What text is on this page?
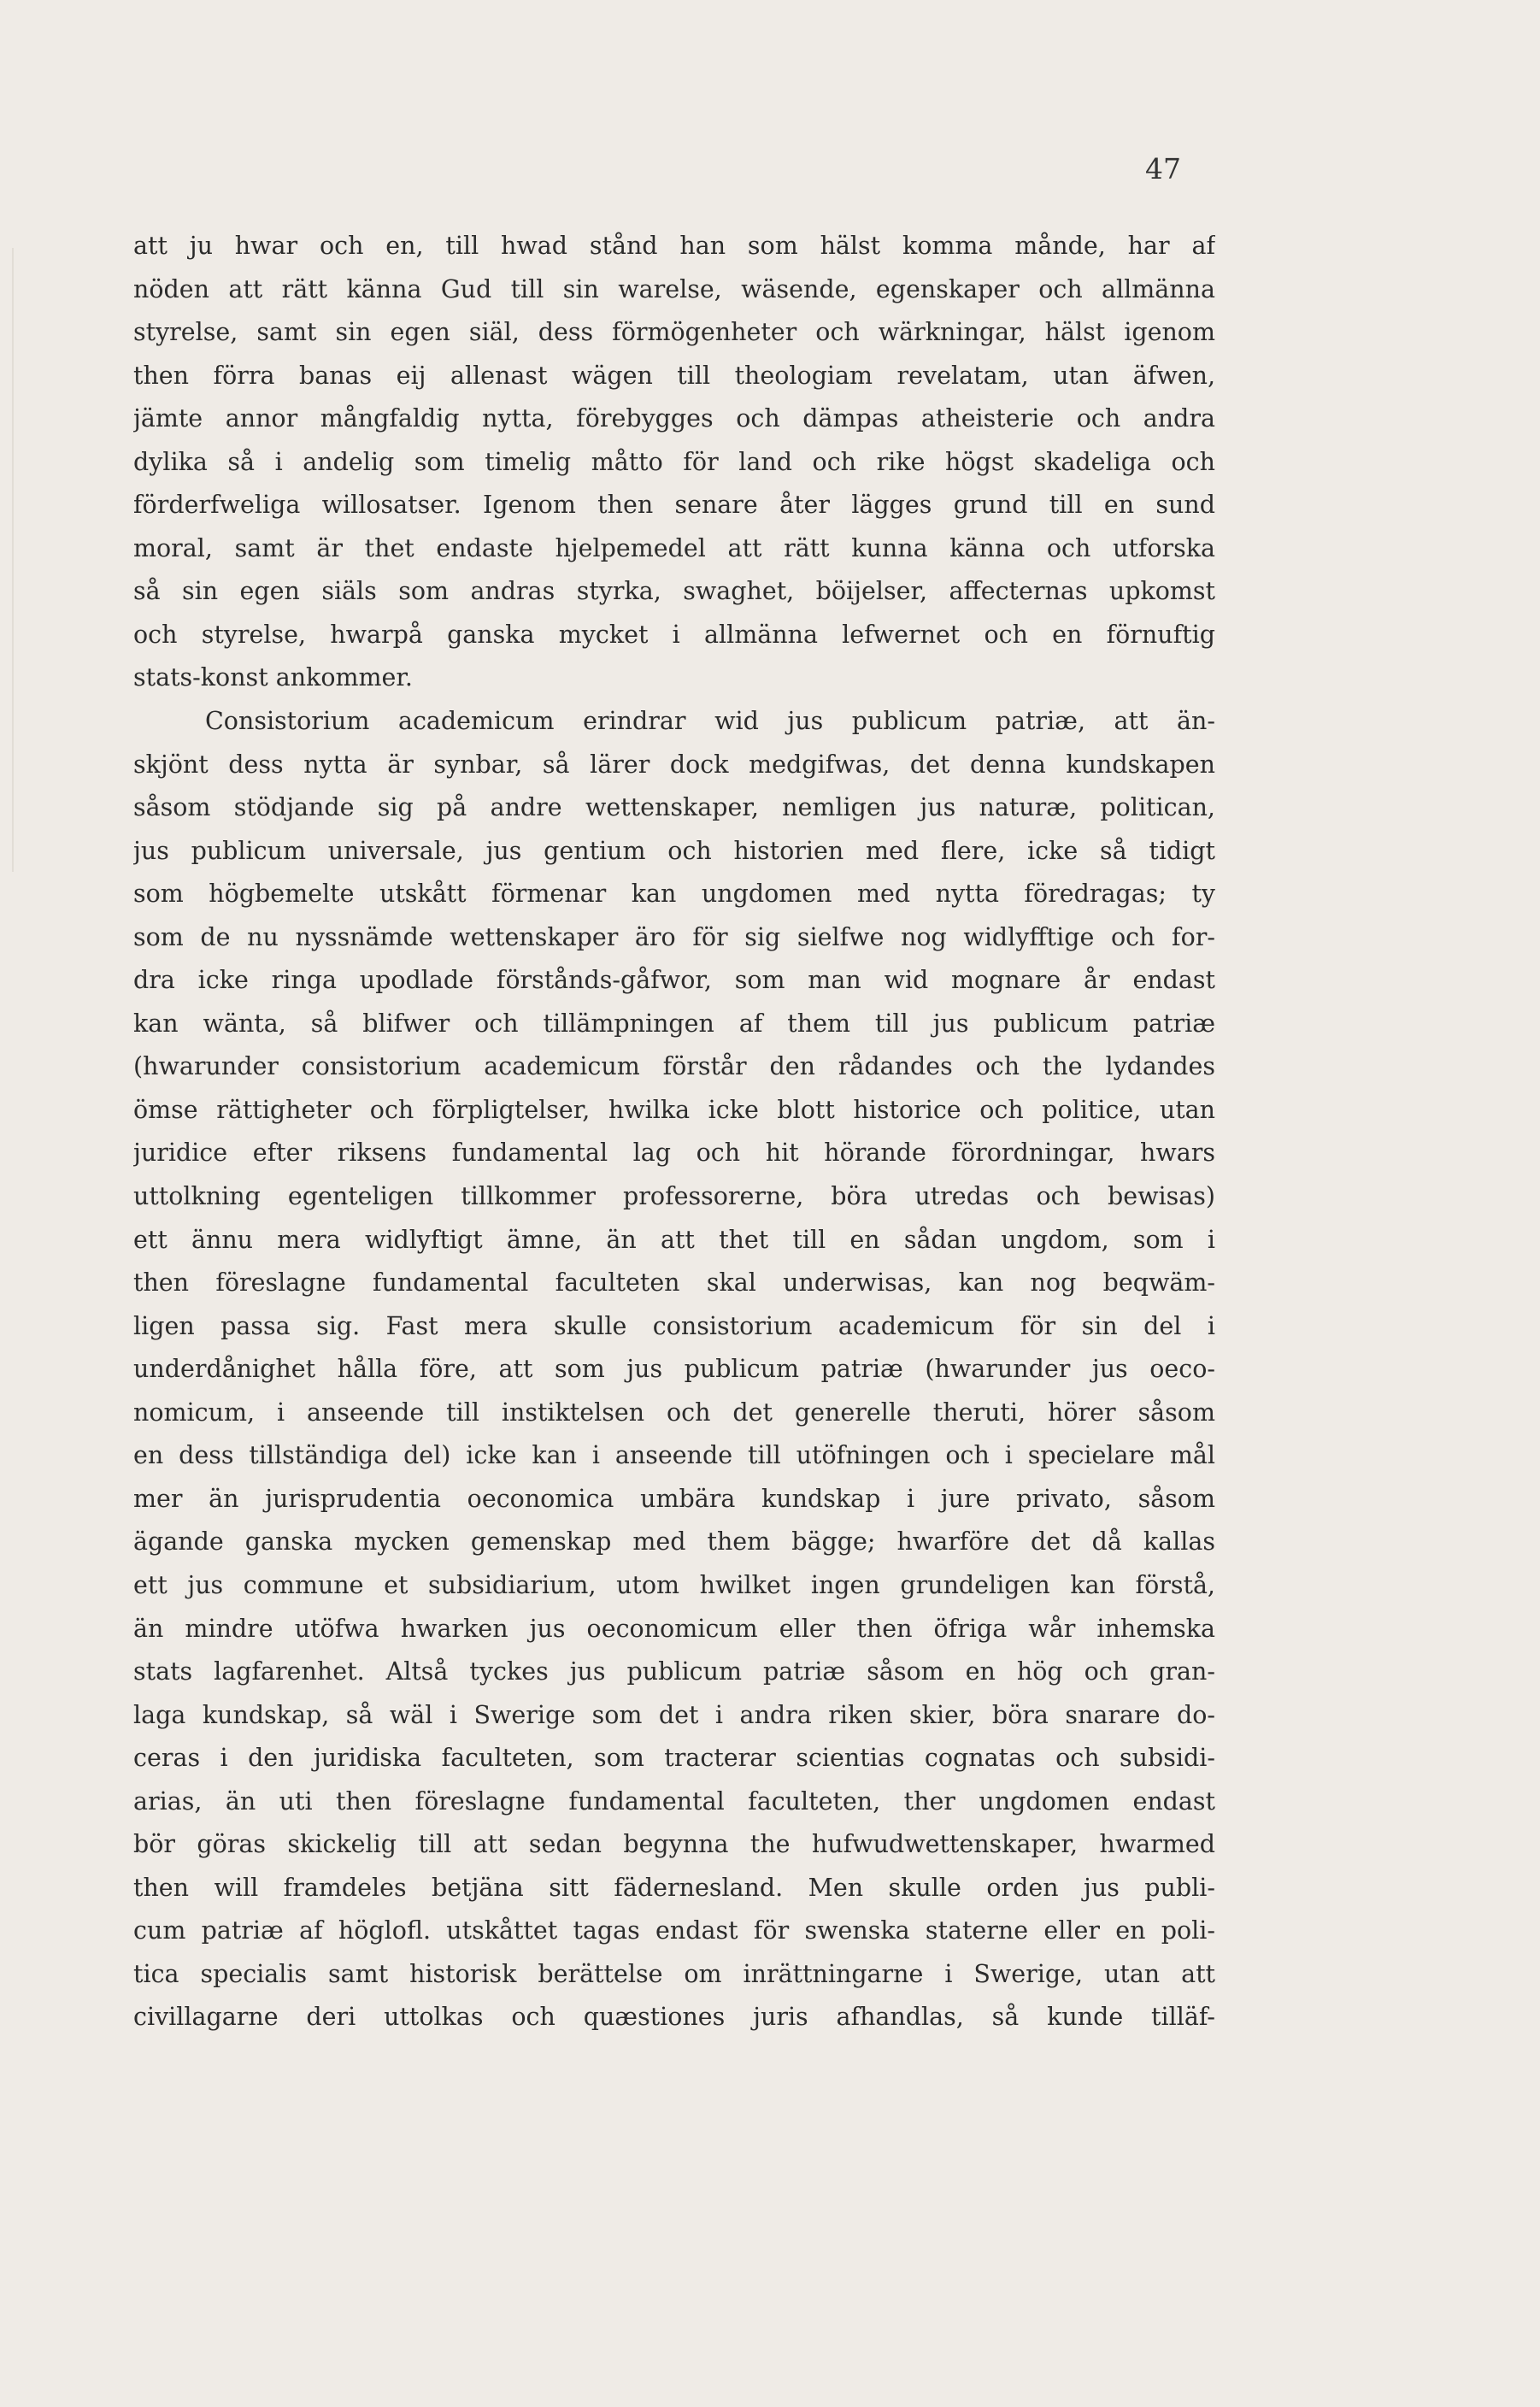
47
att ju hwar och en, till hwad stånd han som hälst komma månde, har af
nöden att rätt känna Gud till sin warelse, wäsende, egenskaper och allmänna
styrelse, samt sin egen siäl, dess förmögenheter och wärkningar, hälst igenom
then förra banas eij allenast wägen till theologiam revelatam, utan äfwen,
jämte annor mångfaldig nytta, förebygges och dämpas atheisterie och andra
dylika så i andelig som timelig måtto för land och rike högst skadeliga och
förderfweliga willosatser. Igenom then senare åter lägges grund till en sund
moral, samt är thet endaste hjelpemedel att rätt kunna känna och utforska
så sin egen siäls som andras styrka, swaghet, böijelser, affecternas upkomst
och styrelse, hwarpå ganska mycket i allmänna lefwernet och en förnuftig
stats-konst ankommer.
Consistorium academicum erindrar wid jus publicum patriæ, att än-
skjönt dess nytta är synbar, så lärer dock medgifwas, det denna kundskapen
såsom stödjande sig på andre wettenskaper, nemligen jus naturæ, politican,
jus publicum universale, jus gentium och historien med flere, icke så tidigt
som högbemelte utskått förmenar kan ungdomen med nytta föredragas; ty
som de nu nyssnämde wettenskaper äro för sig sielfwe nog widlyfftige och for-
dra icke ringa upodlade förstånds-gåfwor, som man wid mognare år endast
kan wänta, så blifwer och tillämpningen af them till jus publicum patriæ
(hwarunder consistorium academicum förstår den rådandes och the lydandes
ömse rättigheter och förpligtelser, hwilka icke blott historice och politice, utan
juridice efter riksens fundamental lag och hit hörande förordningar, hwars
uttolkning egenteligen tillkommer professorerne, böra utredas och bewisas)
ett ännu mera widlyftigt ämne, än att thet till en sådan ungdom, som i
then föreslagne fundamental faculteten skal underwisas, kan nog beqwäm-
ligen passa sig. Fast mera skulle consistorium academicum för sin del i
underdånighet hålla före, att som jus publicum patriæ (hwarunder jus oeco-
nomicum, i anseende till instiktelsen och det generelle theruti, hörer såsom
en dess tillständiga del) icke kan i anseende till utöfningen och i specielare mål
mer än jurisprudentia oeconomica umbära kundskap i jure privato, såsom
ägande ganska mycken gemenskap med them bägge; hwarföre det då kallas
ett jus commune et subsidiarium, utom hwilket ingen grundeligen kan förstå,
än mindre utöfwa hwarken jus oeconomicum eller then öfriga wår inhemska
stats lagfarenhet. Altså tyckes jus publicum patriæ såsom en hög och gran-
laga kundskap, så wäl i Swerige som det i andra riken skier, böra snarare do-
ceras i den juridiska faculteten, som tracterar scientias cognatas och subsidi-
arias, än uti then föreslagne fundamental faculteten, ther ungdomen endast
bör göras skickelig till att sedan begynna the hufwudwettenskaper, hwarmed
then will framdeles betjäna sitt fädernesland. Men skulle orden jus publi-
cum patriæ af höglofl. utskåttet tagas endast för swenska staterne eller en poli-
tica specialis samt historisk berättelse om inrättningarne i Swerige, utan att
civillagarne deri uttolkas och quæstiones juris afhandlas, så kunde tilläf-
